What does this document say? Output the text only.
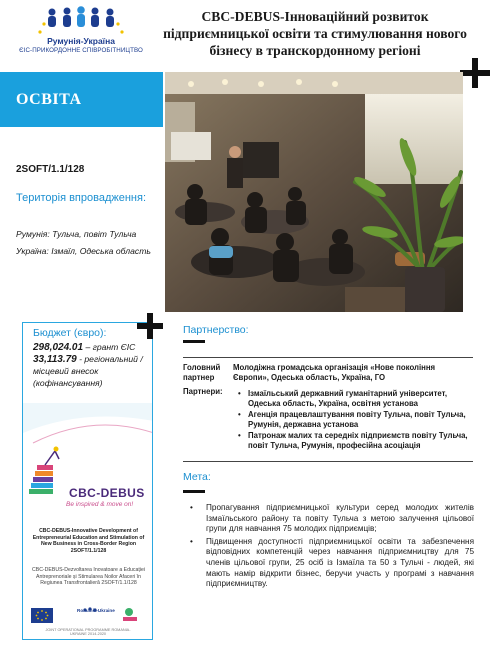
Румунія-Україна
ЄІС-ПРИКОРДОННЕ СПІВРОБІТНИЦТВО
CBC-DEBUS-Інноваційний розвиток підприємницької освіти та стимулювання нового бізнесу в транскордонному регіоні
ОСВІТА
2SOFT/1.1/128
Територія впровадження:
Румунія: Тульча, повіт Тульча
Україна: Ізмаїл, Одеська область
Бюджет (євро):
298,024.01 – грант ЄІС
33,113.79 - регіональний /
місцевий внесок
(кофінансування)
CBC-DEBUS
Be inspired & move on!
CBC-DEBUS-Innovative Development of Entrepreneurial Education and Stimulation of New Business in Cross-Border Region 2SOFT/1.1/128
CBC-DEBUS-Dezvoltarea Inovatoare a Educației Antreprenoriale și Stimularea Noilor Afaceri în Regiunea Transfrontalieră 2SOFT/1.1/128
Romania-Ukraine
JOINT OPERATIONAL PROGRAMME ROMANIA-UKRAINE 2014-2020
Партнерство:
Головний
партнер
Молодіжна громадська організація «Нове покоління Європи», Одеська область, Україна, ГО
Партнери:
•	Ізмаїльський державний гуманітарний університет, Одеська область, Україна, освітня установа
• Агенція працевлаштування повіту Тульча, повіт Тульча, Румунія, державна установа
• Патронаж малих та середніх підприємств повіту Тульча, повіт Тульча, Румунія, професійна асоціація
Мета:
• Пропагування підприємницької культури серед молодих жителів Ізмаїльського району та повіту Тульча з метою залучення цільової групи для навчання 75 молодих підприємців;
• Підвищення доступності підприємницької освіти та забезпечення відповідних компетенцій через навчання підприємництву для 75 членів цільової групи, 25 осіб із Ізмаїла та 50 з Тульчі - людей, які мають намір відкрити бізнес, беручи участь у програмі з навчання підприємництву.
